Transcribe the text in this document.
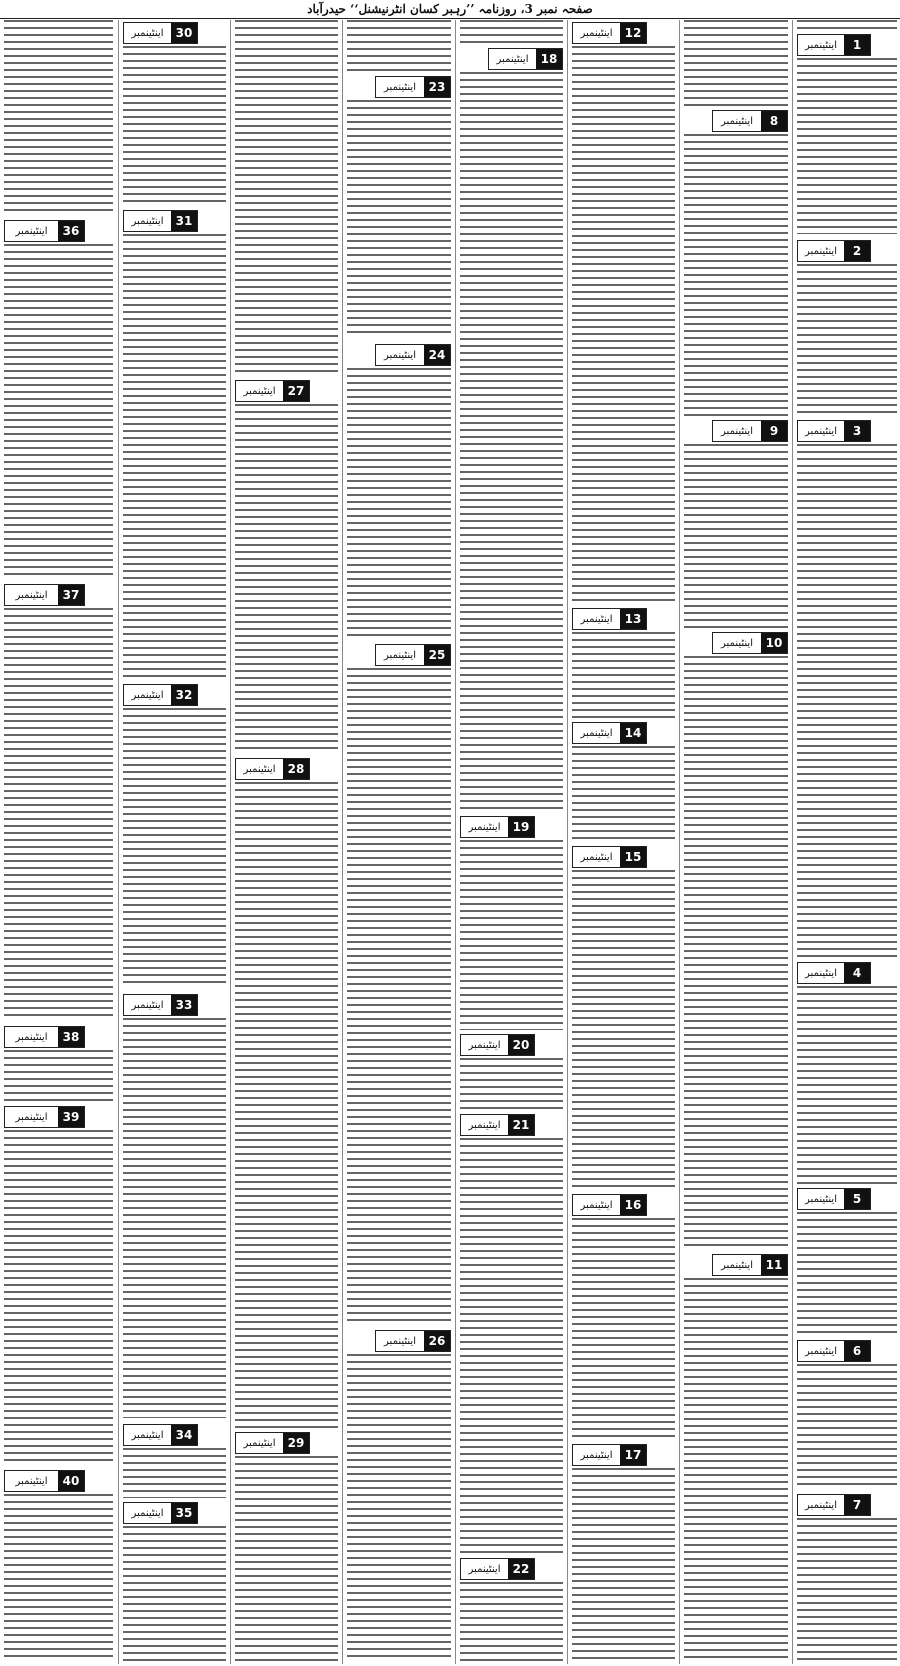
صفحہ نمبر 3، روزنامہ ’’رہبر کسان انٹرنیشنل‘‘ حیدرآباد
اینٹینمبر	1
اینٹینمبر	2
اینٹینمبر	3
اینٹینمبر	4
اینٹینمبر	5
اینٹینمبر	6
اینٹینمبر	7
اینٹینمبر	8
اینٹینمبر	9
اینٹینمبر	10
اینٹینمبر	11
اینٹینمبر	12
اینٹینمبر	13
اینٹینمبر	14
اینٹینمبر	15
اینٹینمبر	16
اینٹینمبر	17
اینٹینمبر	18
اینٹینمبر	19
اینٹینمبر	20
اینٹینمبر	21
اینٹینمبر	22
اینٹینمبر	23
اینٹینمبر	24
اینٹینمبر	25
اینٹینمبر	26
اینٹینمبر	27
اینٹینمبر	28
اینٹینمبر	29
اینٹینمبر	30
اینٹینمبر	31
اینٹینمبر	32
اینٹینمبر	33
اینٹینمبر	34
اینٹینمبر	35
اینٹینمبر	36
اینٹینمبر	37
اینٹینمبر	38
اینٹینمبر	39
اینٹینمبر	40
